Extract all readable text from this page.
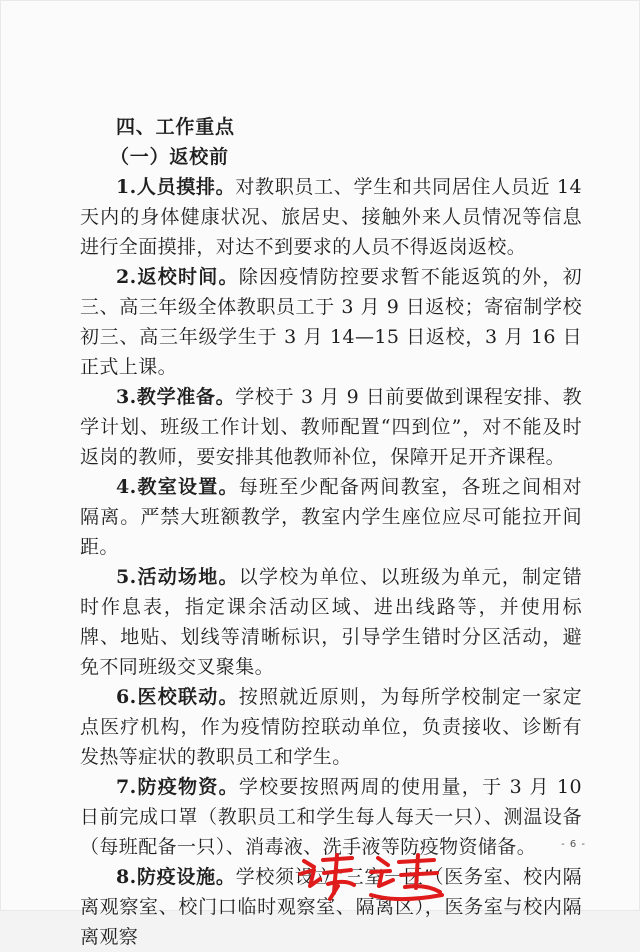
四、工作重点
（一）返校前

1.人员摸排。对教职员工、学生和共同居住人员近 14 天内的身体健康状况、旅居史、接触外来人员情况等信息进行全面摸排，对达不到要求的人员不得返岗返校。

2.返校时间。除因疫情防控要求暂不能返筑的外，初三、高三年级全体教职员工于 3 月 9 日返校；寄宿制学校初三、高三年级学生于 3 月 14—15 日返校，3 月 16 日正式上课。

3.教学准备。学校于 3 月 9 日前要做到课程安排、教学计划、班级工作计划、教师配置“四到位”，对不能及时返岗的教师，要安排其他教师补位，保障开足开齐课程。

4.教室设置。每班至少配备两间教室，各班之间相对隔离。严禁大班额教学，教室内学生座位应尽可能拉开间距。

5.活动场地。以学校为单位、以班级为单元，制定错时作息表，指定课余活动区域、进出线路等，并使用标牌、地贴、划线等清晰标识，引导学生错时分区活动，避免不同班级交叉聚集。

6.医校联动。按照就近原则，为每所学校制定一家定点医疗机构，作为疫情防控联动单位，负责接收、诊断有发热等症状的教职员工和学生。

7.防疫物资。学校要按照两周的使用量，于 3 月 10 日前完成口罩（教职员工和学生每人每天一只）、测温设备（每班配备一只）、消毒液、洗手液等防疫物资储备。

8.防疫设施。学校须设立“三室一区”（医务室、校内隔离观察室、校门口临时观察室、隔离区），医务室与校内隔离观察

- 6 -
